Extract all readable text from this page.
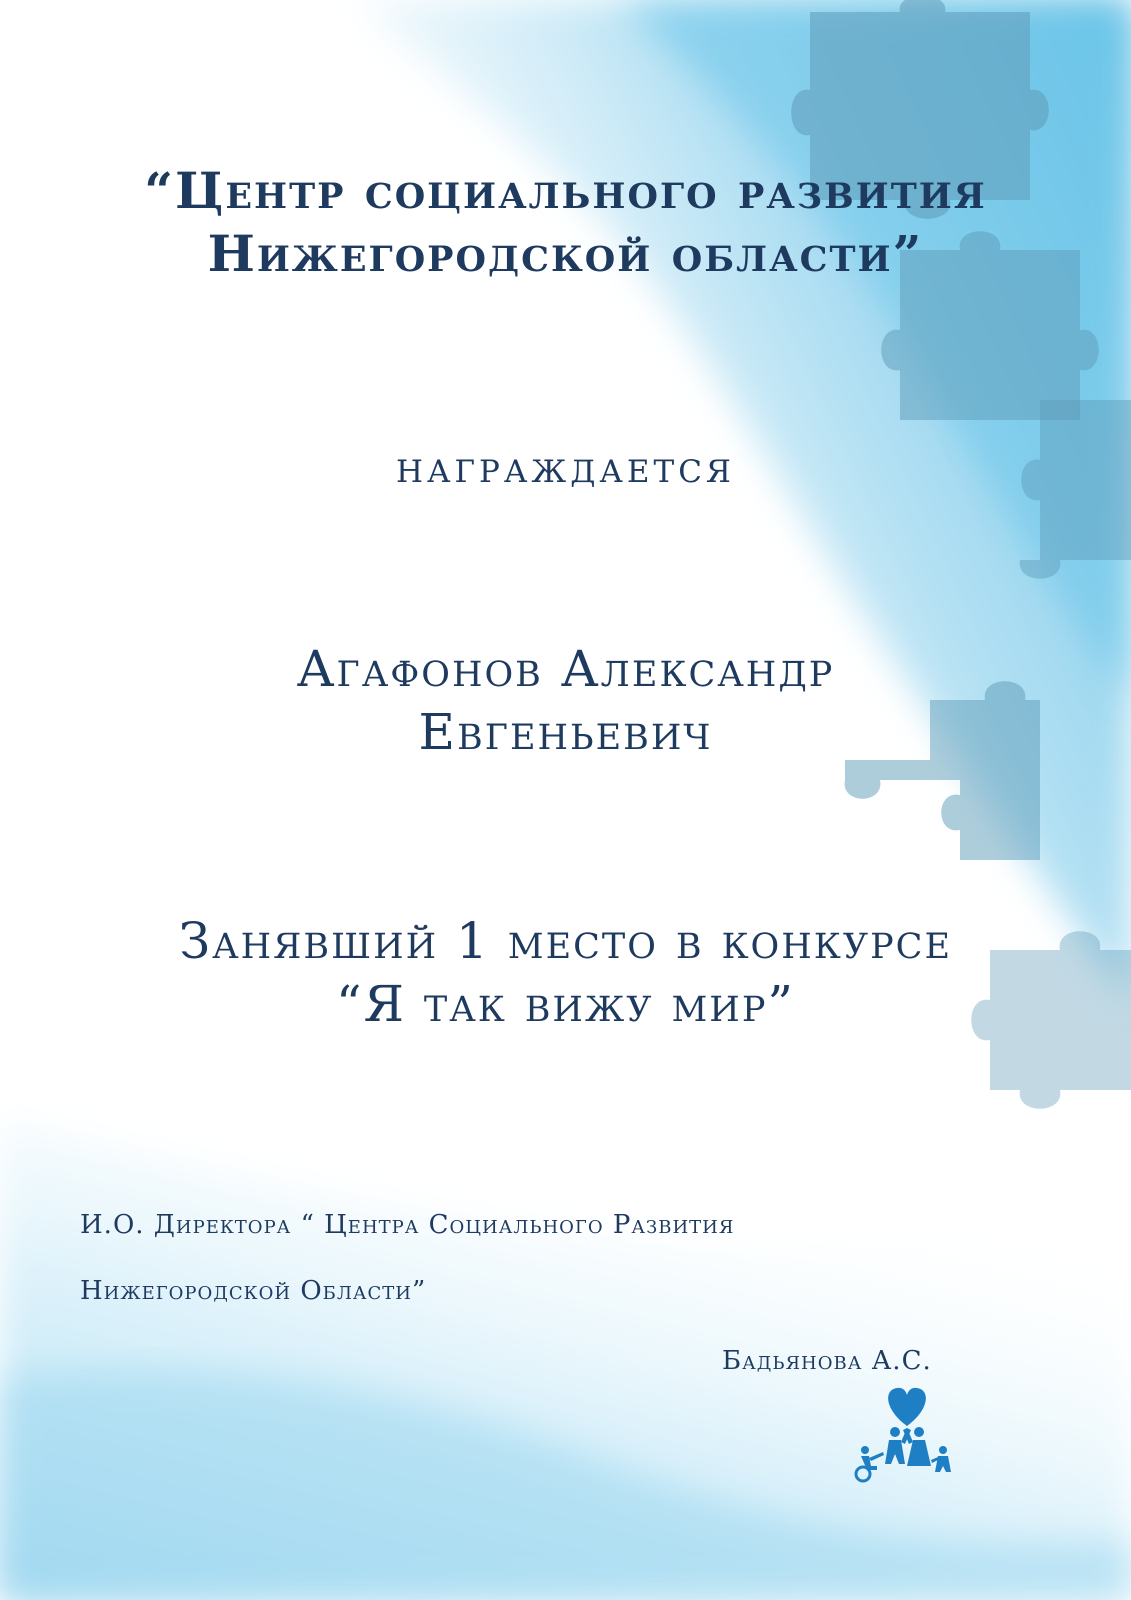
“Центр социального развития
Нижегородской области”

награждается

Агафонов Александр
Евгеньевич

Занявший 1 место в конкурсе
“Я так вижу мир”

И.О. Директора “ Центра Социального Развития

Нижегородской Области”

Бадьянова А.С.
